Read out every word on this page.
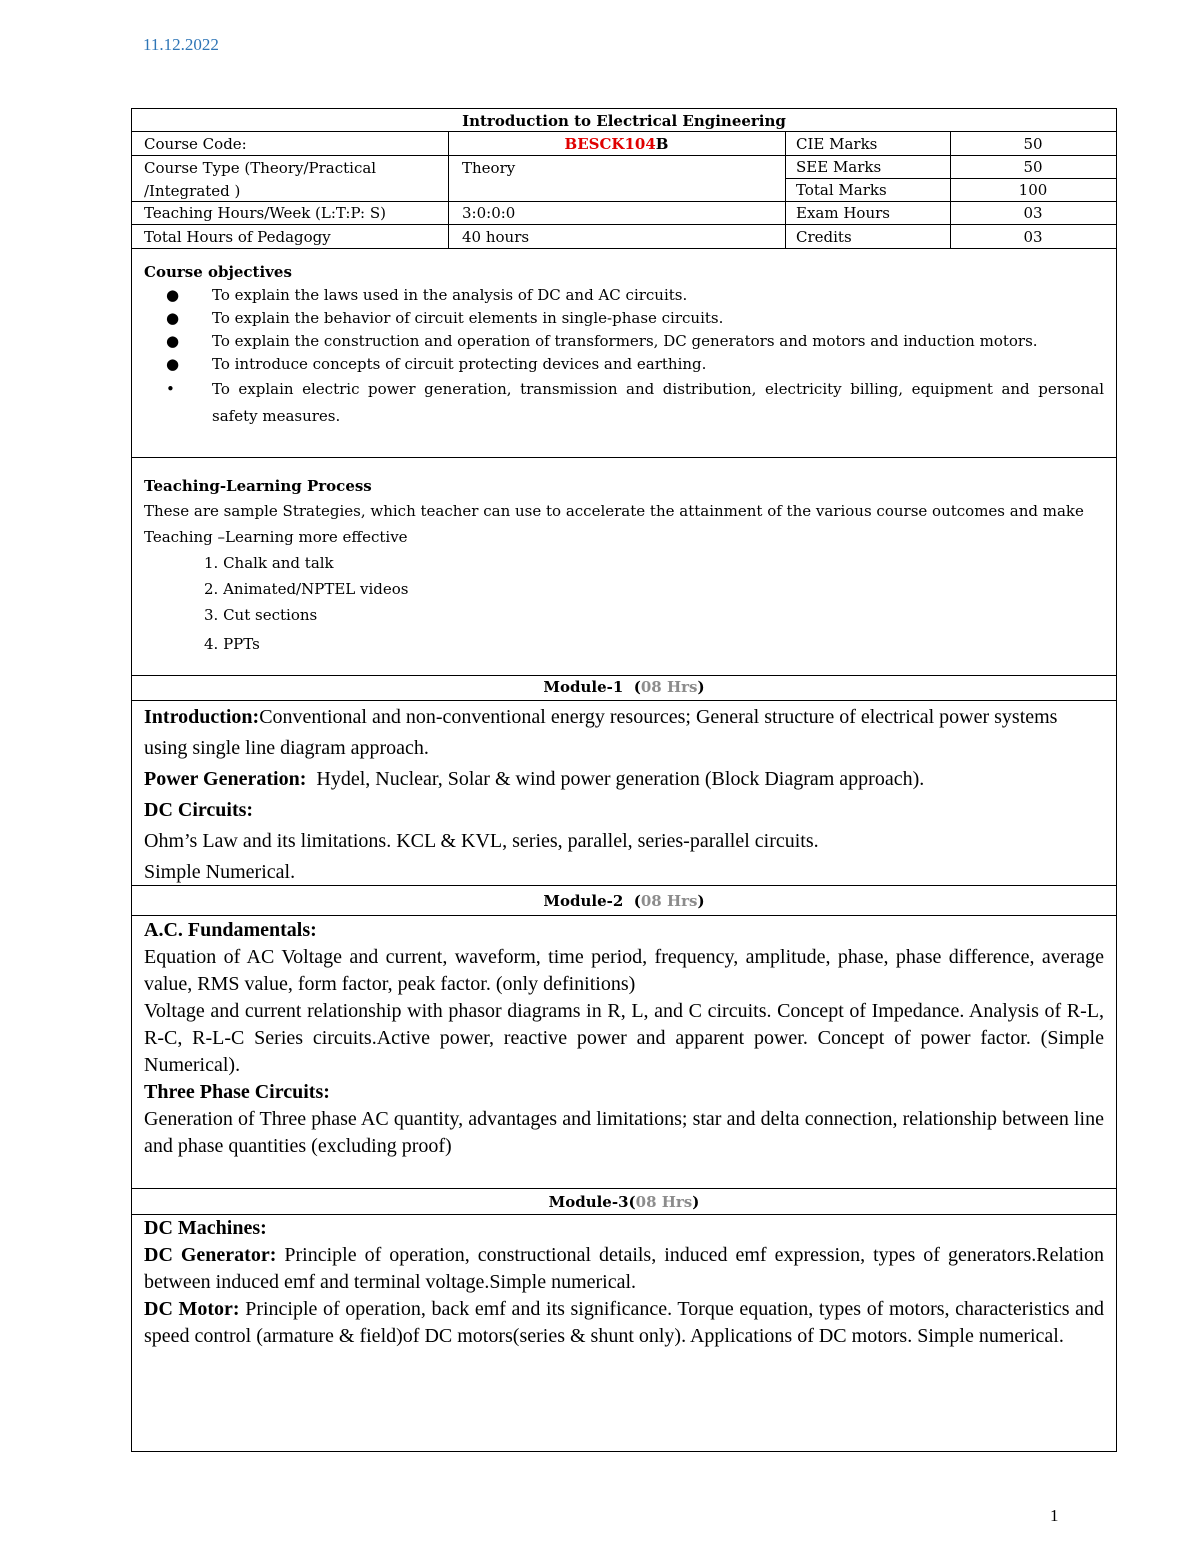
11.12.2022
Introduction to Electrical Engineering
Course Code:	BESCK104B	CIE Marks	50
Course Type (Theory/Practical
/Integrated )
Theory	SEE Marks	50
Total Marks	100
Teaching Hours/Week (L:T:P: S)	3:0:0:0	Exam Hours	03
Total Hours of Pedagogy	40 hours	Credits	03
Course objectives
● To explain the laws used in the analysis of DC and AC circuits.
● To explain the behavior of circuit elements in single-phase circuits.
● To explain the construction and operation of transformers, DC generators and motors and induction motors.
● To introduce concepts of circuit protecting devices and earthing.
• To explain electric power generation, transmission and distribution, electricity billing, equipment and personal safety measures.
Teaching-Learning Process
These are sample Strategies, which teacher can use to accelerate the attainment of the various course outcomes and make Teaching –Learning more effective
1. Chalk and talk
2. Animated/NPTEL videos
3. Cut sections
4. PPTs
Module-1  (08 Hrs)
Introduction:Conventional and non-conventional energy resources; General structure of electrical power systems using single line diagram approach.
Power Generation: Hydel, Nuclear, Solar & wind power generation (Block Diagram approach).
DC Circuits:
Ohm’s Law and its limitations. KCL & KVL, series, parallel, series-parallel circuits.
Simple Numerical.
Module-2  (08 Hrs)
A.C. Fundamentals:
Equation of AC Voltage and current, waveform, time period, frequency, amplitude, phase, phase difference, average value, RMS value, form factor, peak factor. (only definitions)
Voltage and current relationship with phasor diagrams in R, L, and C circuits. Concept of Impedance. Analysis of R-L, R-C, R-L-C Series circuits.Active power, reactive power and apparent power. Concept of power factor. (Simple Numerical).
Three Phase Circuits:
Generation of Three phase AC quantity, advantages and limitations; star and delta connection, relationship between line and phase quantities (excluding proof)
Module-3(08 Hrs)
DC Machines:
DC Generator: Principle of operation, constructional details, induced emf expression, types of generators.Relation between induced emf and terminal voltage.Simple numerical.
DC Motor: Principle of operation, back emf and its significance. Torque equation, types of motors, characteristics and speed control (armature & field)of DC motors(series & shunt only). Applications of DC motors. Simple numerical.
1
